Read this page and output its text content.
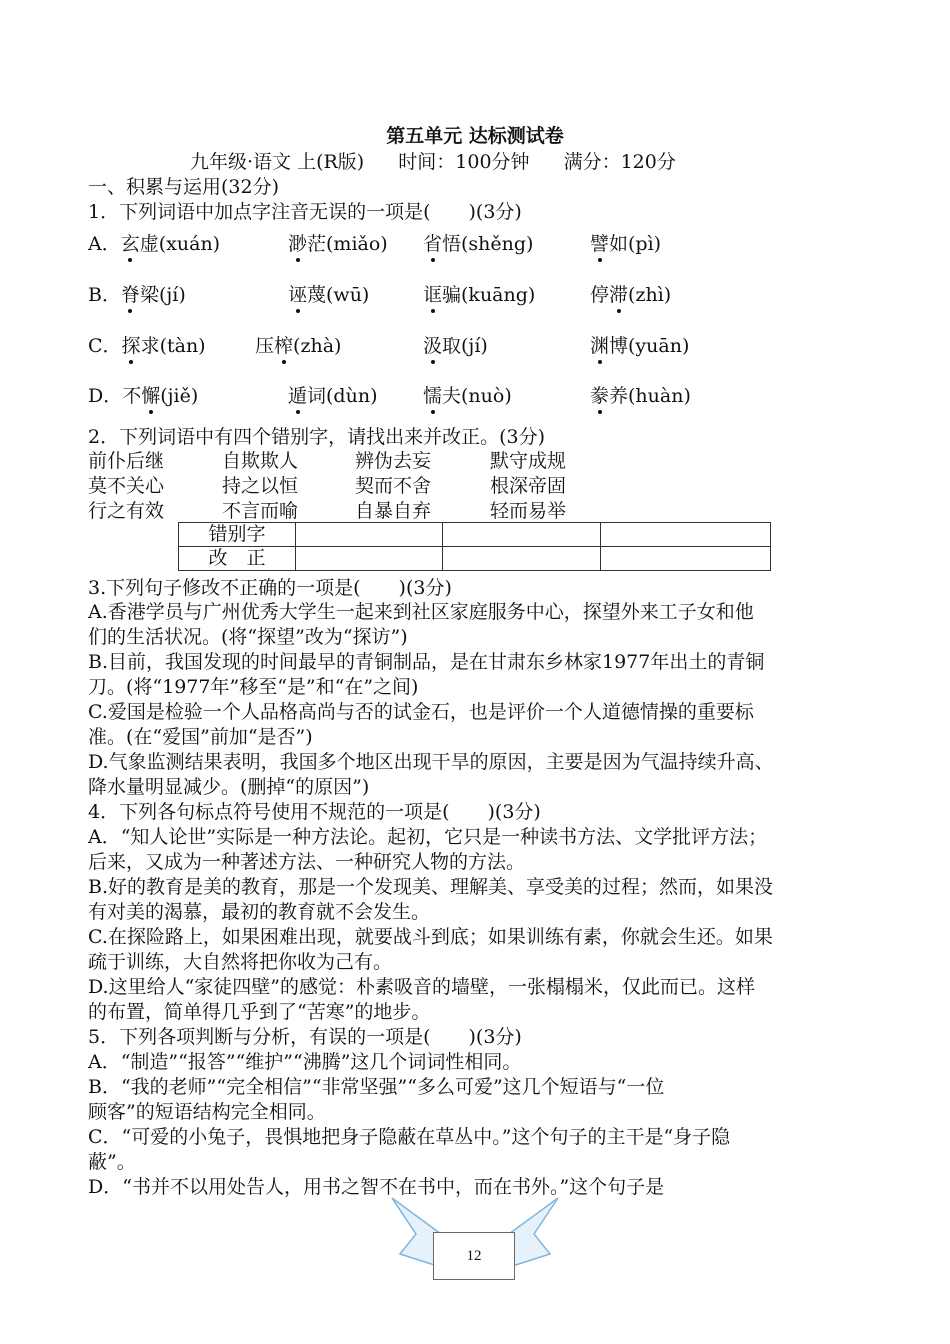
第五单元 达标测试卷
九年级·语文 上(R版) 时间：100分钟 满分：120分
一、积累与运用(32分)
1．下列词语中加点字注音无误的一项是(　　)(3分)
A．玄虚(xuán)	渺茫(miǎo) 省悟(shěng)	譬如(pì)
B．脊梁(jí)	诬蔑(wū)	诓骗(kuāng)	停滞(zhì)
C．探求(tàn)	压榨(zhà)	汲取(jí)	渊博(yuān)
D．不懈(jiě)	遁词(dùn) 懦夫(nuò)	豢养(huàn)
2．下列词语中有四个错别字，请找出来并改正。(3分)
前仆后继	自欺欺人	辨伪去妄	默守成规
莫不关心	持之以恒	契而不舍	根深帝固
行之有效	不言而喻	自暴自弃	轻而易举
错别字			
改　正			
3.下列句子修改不正确的一项是(　　)(3分)
A.香港学员与广州优秀大学生一起来到社区家庭服务中心，探望外来工子女和他
们的生活状况。(将“探望”改为“探访”)
B.目前，我国发现的时间最早的青铜制品，是在甘肃东乡林家1977年出土的青铜
刀。(将“1977年”移至“是”和“在”之间)
C.爱国是检验一个人品格高尚与否的试金石，也是评价一个人道德情操的重要标
准。(在“爱国”前加“是否”)
D.气象监测结果表明，我国多个地区出现干旱的原因，主要是因为气温持续升高、
降水量明显减少。(删掉“的原因”)
4．下列各句标点符号使用不规范的一项是(　　)(3分)
A．“知人论世”实际是一种方法论。起初，它只是一种读书方法、文学批评方法；
后来，又成为一种著述方法、一种研究人物的方法。
B.好的教育是美的教育，那是一个发现美、理解美、享受美的过程；然而，如果没
有对美的渴慕，最初的教育就不会发生。
C.在探险路上，如果困难出现，就要战斗到底；如果训练有素，你就会生还。如果
疏于训练，大自然将把你收为己有。
D.这里给人“家徒四壁”的感觉：朴素吸音的墙壁，一张榻榻米，仅此而已。这样
的布置，简单得几乎到了“苦寒”的地步。
5．下列各项判断与分析，有误的一项是(　　)(3分)
A．“制造”“报答”“维护”“沸腾”这几个词词性相同。
B．“我的老师”“完全相信”“非常坚强”“多么可爱”这几个短语与“一位
顾客”的短语结构完全相同。
C．“可爱的小兔子，畏惧地把身子隐蔽在草丛中。”这个句子的主干是“身子隐
蔽”。
D．“书并不以用处告人，用书之智不在书中，而在书外。”这个句子是
12
